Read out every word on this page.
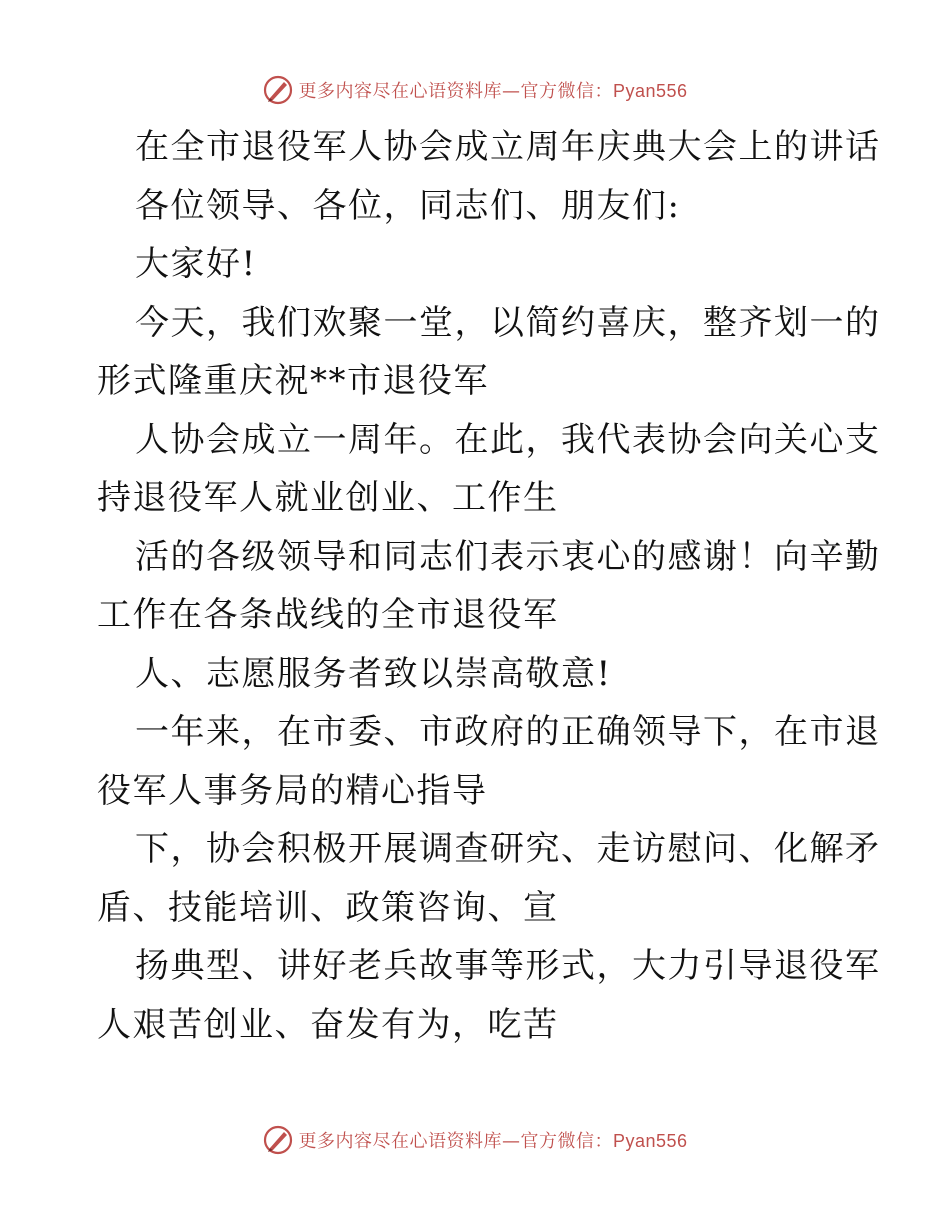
更多内容尽在心语资料库—官方微信：Pyan556
在全市退役军人协会成立周年庆典大会上的讲话
各位领导、各位，同志们、朋友们:
大家好!
今天，我们欢聚一堂，以简约喜庆，整齐划一的
形式隆重庆祝**市退役军
人协会成立一周年。在此，我代表协会向关心支
持退役军人就业创业、工作生
活的各级领导和同志们表示衷心的感谢！向辛勤
工作在各条战线的全市退役军
人、志愿服务者致以崇高敬意!
一年来，在市委、市政府的正确领导下，在市退
役军人事务局的精心指导
下，协会积极开展调查研究、走访慰问、化解矛
盾、技能培训、政策咨询、宣
扬典型、讲好老兵故事等形式，大力引导退役军
人艰苦创业、奋发有为，吃苦
更多内容尽在心语资料库—官方微信：Pyan556
